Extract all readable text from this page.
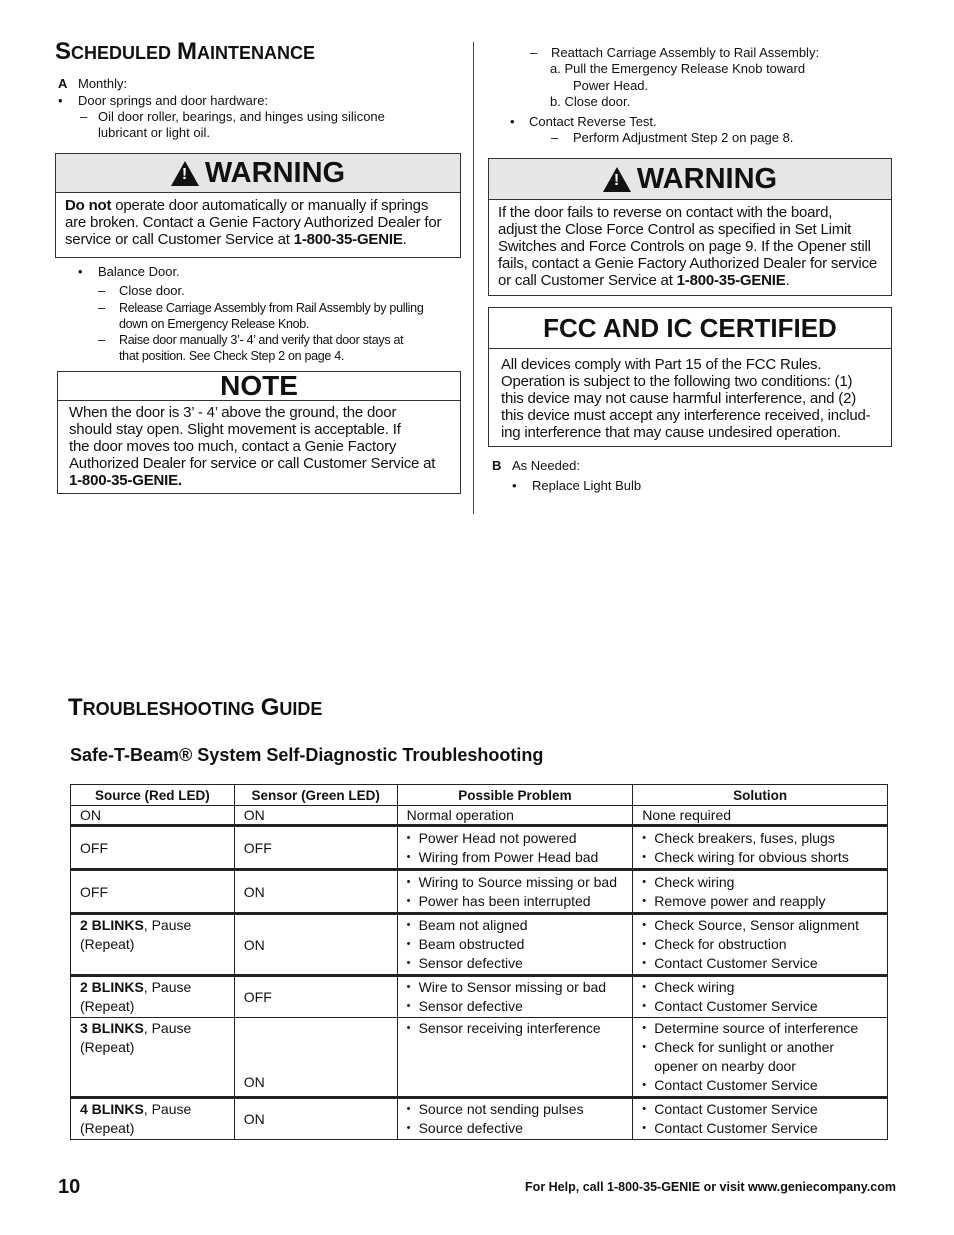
SCHEDULED MAINTENANCE
A Monthly:
• Door springs and door hardware:
– Oil door roller, bearings, and hinges using silicone
lubricant or light oil.
! WARNING
Do not operate door automatically or manually if springs
are broken. Contact a Genie Factory Authorized Dealer for
service or call Customer Service at 1-800-35-GENIE.
• Balance Door.
– Close door.
– Release Carriage Assembly from Rail Assembly by pulling
down on Emergency Release Knob.
– Raise door manually 3’- 4’ and verify that door stays at
that position. See Check Step 2 on page 4.
NOTE
When the door is 3’ - 4’ above the ground, the door
should stay open. Slight movement is acceptable. If
the door moves too much, contact a Genie Factory
Authorized Dealer for service or call Customer Service at
1-800-35-GENIE.
– Reattach Carriage Assembly to Rail Assembly:
a. Pull the Emergency Release Knob toward
Power Head.
b. Close door.
• Contact Reverse Test.
– Perform Adjustment Step 2 on page 8.
! WARNING
If the door fails to reverse on contact with the board,
adjust the Close Force Control as specified in Set Limit
Switches and Force Controls on page 9. If the Opener still
fails, contact a Genie Factory Authorized Dealer for service
or call Customer Service at 1-800-35-GENIE.
FCC AND IC CERTIFIED
All devices comply with Part 15 of the FCC Rules.
Operation is subject to the following two conditions: (1)
this device may not cause harmful interference, and (2)
this device must accept any interference received, includ-
ing interference that may cause undesired operation.
B As Needed:
• Replace Light Bulb
TROUBLESHOOTING GUIDE
Safe-T-Beam® System Self-Diagnostic Troubleshooting
Source (Red LED)	Sensor (Green LED)	Possible Problem	Solution
ON	ON	Normal operation	None required
OFF	OFF	• Power Head not powered
• Wiring from Power Head bad	• Check breakers, fuses, plugs
• Check wiring for obvious shorts

OFF	ON	• Wiring to Source missing or bad
• Power has been interrupted	• Check wiring
• Remove power and reapply

2 BLINKS, Pause
(Repeat)	ON	• Beam not aligned
• Beam obstructed
• Sensor defective	• Check Source, Sensor alignment
• Check for obstruction
• Contact Customer Service

2 BLINKS, Pause
(Repeat)	OFF	• Wire to Sensor missing or bad
• Sensor defective	• Check wiring
• Contact Customer Service

3 BLINKS, Pause
(Repeat)	ON	• Sensor receiving interference	• Determine source of interference
• Check for sunlight or another
opener on nearby door
• Contact Customer Service

4 BLINKS, Pause
(Repeat)	ON	• Source not sending pulses
• Source defective	• Contact Customer Service
• Contact Customer Service
10	For Help, call 1-800-35-GENIE or visit www.geniecompany.com
